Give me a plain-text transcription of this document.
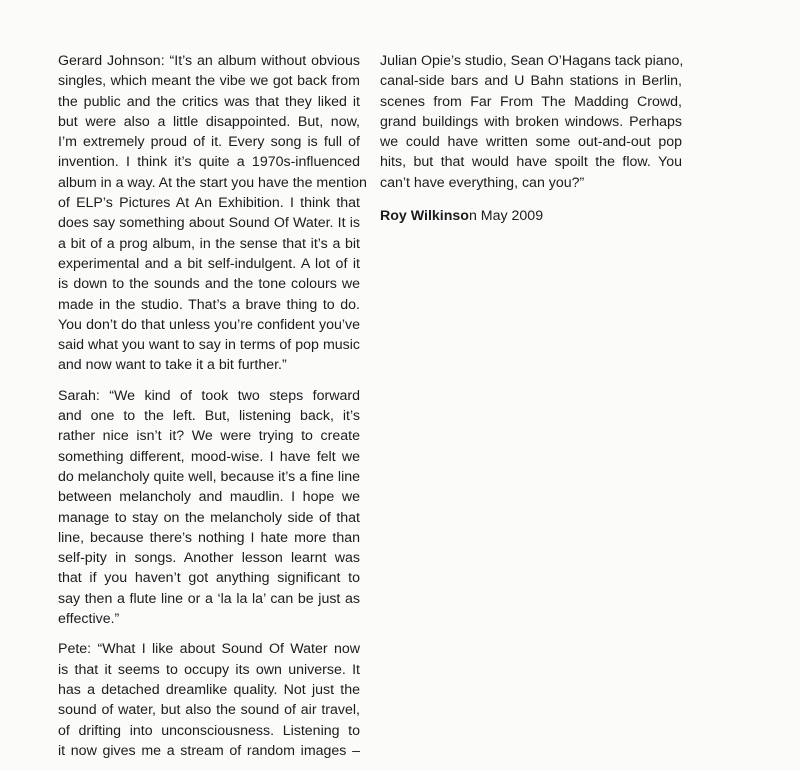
Gerard Johnson: “It’s an album without obvious
singles, which meant the vibe we got back from
the public and the critics was that they liked it
but were also a little disappointed. But, now,
I’m extremely proud of it. Every song is full of
invention. I think it’s quite a 1970s-influenced
album in a way. At the start you have the mention
of ELP’s Pictures At An Exhibition. I think that
does say something about Sound Of Water. It is
a bit of a prog album, in the sense that it’s a bit
experimental and a bit self-indulgent. A lot of it
is down to the sounds and the tone colours we
made in the studio. That’s a brave thing to do.
You don’t do that unless you’re confident you’ve
said what you want to say in terms of pop music
and now want to take it a bit further.”

Sarah: “We kind of took two steps forward
and one to the left. But, listening back, it’s
rather nice isn’t it? We were trying to create
something different, mood-wise. I have felt we
do melancholy quite well, because it’s a fine line
between melancholy and maudlin. I hope we
manage to stay on the melancholy side of that
line, because there’s nothing I hate more than
self-pity in songs. Another lesson learnt was
that if you haven’t got anything significant to
say then a flute line or a ‘la la la’ can be just as
effective.”

Pete: “What I like about Sound Of Water now
is that it seems to occupy its own universe. It
has a detached dreamlike quality. Not just the
sound of water, but also the sound of air travel,
of drifting into unconsciousness. Listening to
it now gives me a stream of random images –

Julian Opie’s studio, Sean O’Hagans tack piano,
canal-side bars and U Bahn stations in Berlin,
scenes from Far From The Madding Crowd,
grand buildings with broken windows. Perhaps
we could have written some out-and-out pop
hits, but that would have spoilt the flow. You
can’t have everything, can you?”

Roy Wilkinson May 2009
